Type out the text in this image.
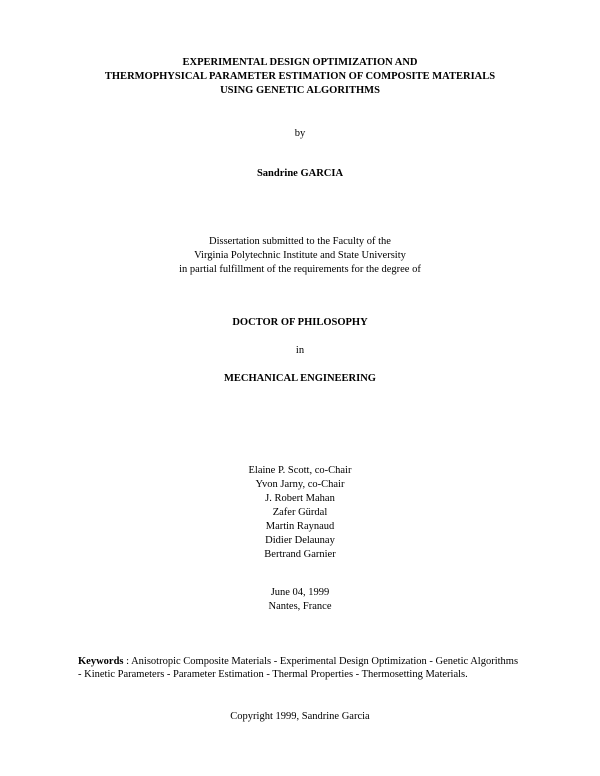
EXPERIMENTAL DESIGN OPTIMIZATION AND
THERMOPHYSICAL PARAMETER ESTIMATION OF COMPOSITE MATERIALS
USING GENETIC ALGORITHMS
by
Sandrine GARCIA
Dissertation submitted to the Faculty of the
Virginia Polytechnic Institute and State University
in partial fulfillment of the requirements for the degree of
DOCTOR OF PHILOSOPHY
in
MECHANICAL ENGINEERING
Elaine P. Scott, co-Chair
Yvon Jarny, co-Chair
J. Robert Mahan
Zafer Gürdal
Martin Raynaud
Didier Delaunay
Bertrand Garnier
June 04, 1999
Nantes, France
Keywords : Anisotropic Composite Materials - Experimental Design Optimization - Genetic Algorithms - Kinetic Parameters - Parameter Estimation - Thermal Properties - Thermosetting Materials.
Copyright 1999, Sandrine Garcia
